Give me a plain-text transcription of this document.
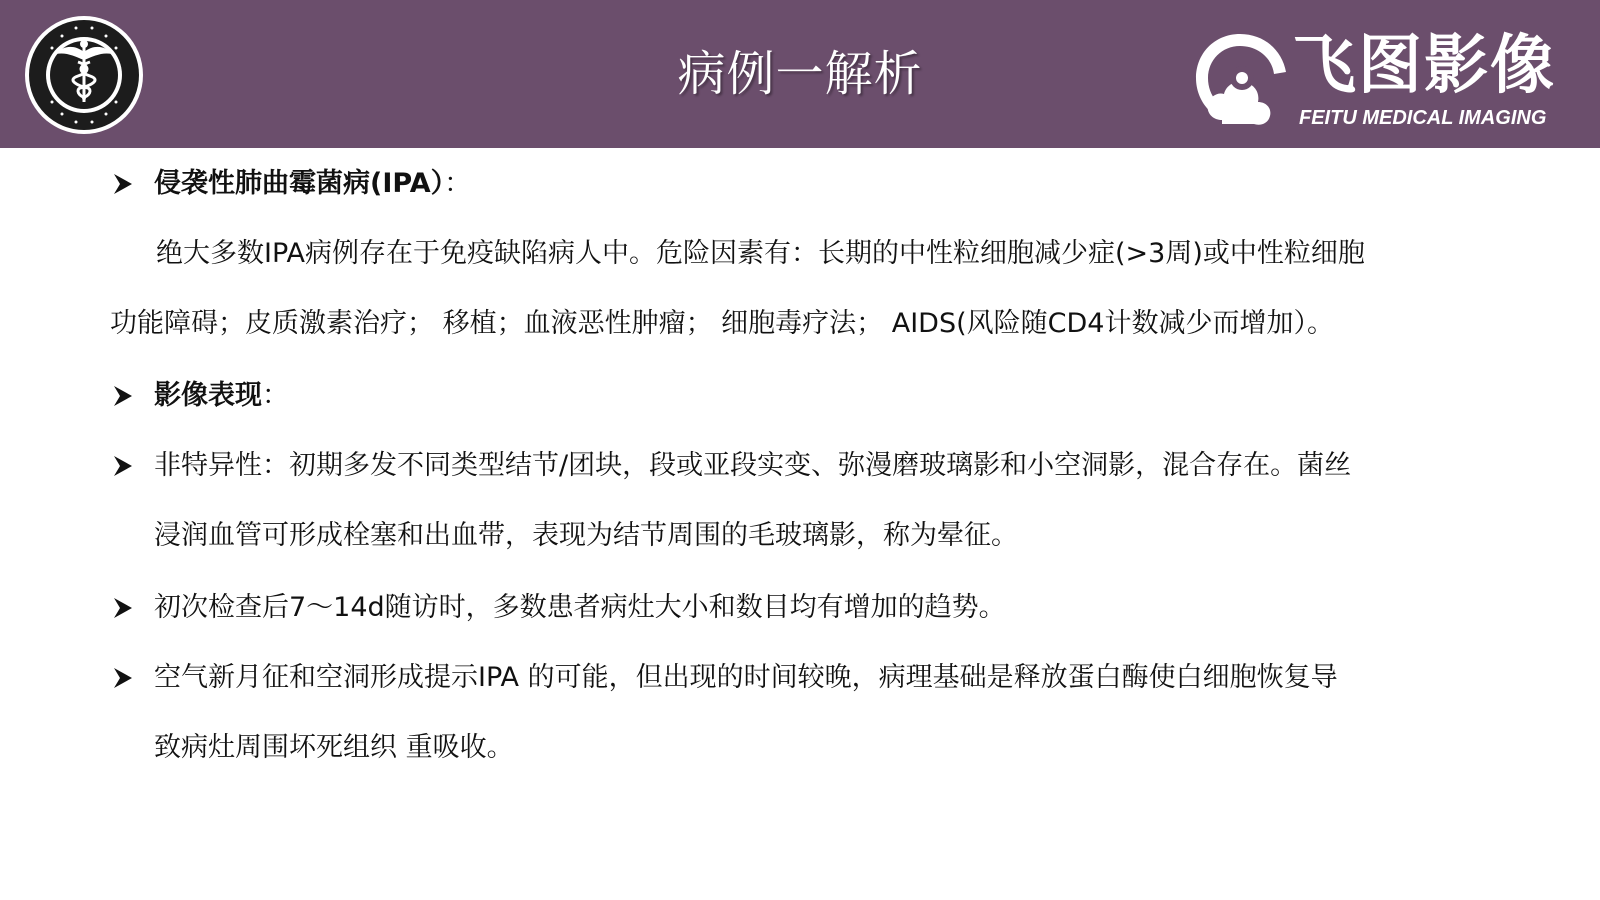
病例一解析	飞图影像
FEITU MEDICAL IMAGING
侵袭性肺曲霉菌病(IPA）：
绝大多数IPA病例存在于免疫缺陷病人中。危险因素有：长期的中性粒细胞减少症(>3周)或中性粒细胞
功能障碍；皮质激素治疗； 移植；血液恶性肿瘤； 细胞毒疗法； AIDS(风险随CD4计数减少而增加）。
影像表现：
非特异性：初期多发不同类型结节/团块，段或亚段实变、弥漫磨玻璃影和小空洞影，混合存在。菌丝
浸润血管可形成栓塞和出血带，表现为结节周围的毛玻璃影，称为晕征。
初次检查后7～14d随访时，多数患者病灶大小和数目均有增加的趋势。
空气新月征和空洞形成提示IPA 的可能，但出现的时间较晚，病理基础是释放蛋白酶使白细胞恢复导
致病灶周围坏死组织 重吸收。
